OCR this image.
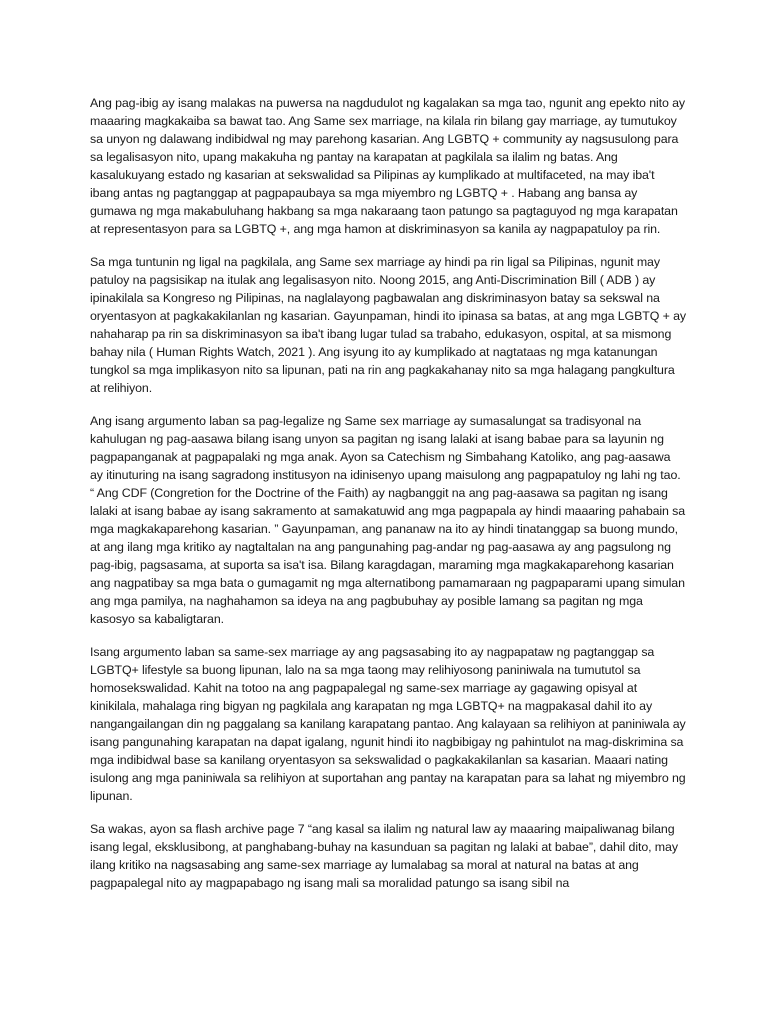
Ang pag-ibig ay isang malakas na puwersa na nagdudulot ng kagalakan sa mga tao, ngunit ang epekto nito ay maaaring magkakaiba sa bawat tao. Ang Same sex marriage, na kilala rin bilang gay marriage, ay tumutukoy sa unyon ng dalawang indibidwal ng may parehong kasarian. Ang LGBTQ + community ay nagsusulong para sa legalisasyon nito, upang makakuha ng pantay na karapatan at pagkilala sa ilalim ng batas. Ang kasalukuyang estado ng kasarian at sekswalidad sa Pilipinas ay kumplikado at multifaceted, na may iba't ibang antas ng pagtanggap at pagpapaubaya sa mga miyembro ng LGBTQ + . Habang ang bansa ay gumawa ng mga makabuluhang hakbang sa mga nakaraang taon patungo sa pagtaguyod ng mga karapatan at representasyon para sa LGBTQ +, ang mga hamon at diskriminasyon sa kanila ay nagpapatuloy pa rin.

Sa mga tuntunin ng ligal na pagkilala, ang Same sex marriage ay hindi pa rin ligal sa Pilipinas, ngunit may patuloy na pagsisikap na itulak ang legalisasyon nito. Noong 2015, ang Anti-Discrimination Bill ( ADB ) ay ipinakilala sa Kongreso ng Pilipinas, na naglalayong pagbawalan ang diskriminasyon batay sa sekswal na oryentasyon at pagkakakilanlan ng kasarian. Gayunpaman, hindi ito ipinasa sa batas, at ang mga LGBTQ + ay nahaharap pa rin sa diskriminasyon sa iba't ibang lugar tulad sa trabaho, edukasyon, ospital, at sa mismong bahay nila ( Human Rights Watch, 2021 ). Ang isyung ito ay kumplikado at nagtataas ng mga katanungan tungkol sa mga implikasyon nito sa lipunan, pati na rin ang pagkakahanay nito sa mga halagang pangkultura at relihiyon.

Ang isang argumento laban sa pag-legalize ng Same sex marriage ay sumasalungat sa tradisyonal na kahulugan ng pag-aasawa bilang isang unyon sa pagitan ng isang lalaki at isang babae para sa layunin ng pagpapanganak at pagpapalaki ng mga anak. Ayon sa Catechism ng Simbahang Katoliko, ang pag-aasawa ay itinuturing na isang sagradong institusyon na idinisenyo upang maisulong ang pagpapatuloy ng lahi ng tao. “ Ang CDF (Congretion for the Doctrine of the Faith) ay nagbanggit na ang pag-aasawa sa pagitan ng isang lalaki at isang babae ay isang sakramento at samakatuwid ang mga pagpapala ay hindi maaaring pahabain sa mga magkakaparehong kasarian. ” Gayunpaman, ang pananaw na ito ay hindi tinatanggap sa buong mundo, at ang ilang mga kritiko ay nagtaltalan na ang pangunahing pag-andar ng pag-aasawa ay ang pagsulong ng pag-ibig, pagsasama, at suporta sa isa't isa. Bilang karagdagan, maraming mga magkakaparehong kasarian ang nagpatibay sa mga bata o gumagamit ng mga alternatibong pamamaraan ng pagpaparami upang simulan ang mga pamilya, na naghahamon sa ideya na ang pagbubuhay ay posible lamang sa pagitan ng mga kasosyo sa kabaligtaran.

Isang argumento laban sa same-sex marriage ay ang pagsasabing ito ay nagpapataw ng pagtanggap sa LGBTQ+ lifestyle sa buong lipunan, lalo na sa mga taong may relihiyosong paniniwala na tumututol sa homosekswalidad. Kahit na totoo na ang pagpapalegal ng same-sex marriage ay gagawing opisyal at kinikilala, mahalaga ring bigyan ng pagkilala ang karapatan ng mga LGBTQ+ na magpakasal dahil ito ay nangangailangan din ng paggalang sa kanilang karapatang pantao. Ang kalayaan sa relihiyon at paniniwala ay isang pangunahing karapatan na dapat igalang, ngunit hindi ito nagbibigay ng pahintulot na mag-diskrimina sa mga indibidwal base sa kanilang oryentasyon sa sekswalidad o pagkakakilanlan sa kasarian. Maaari nating isulong ang mga paniniwala sa relihiyon at suportahan ang pantay na karapatan para sa lahat ng miyembro ng lipunan.

Sa wakas, ayon sa flash archive page 7 “ang kasal sa ilalim ng natural law ay maaaring maipaliwanag bilang isang legal, eksklusibong, at panghabang-buhay na kasunduan sa pagitan ng lalaki at babae”, dahil dito, may ilang kritiko na nagsasabing ang same-sex marriage ay lumalabag sa moral at natural na batas at ang pagpapalegal nito ay magpapabago ng isang mali sa moralidad patungo sa isang sibil na
